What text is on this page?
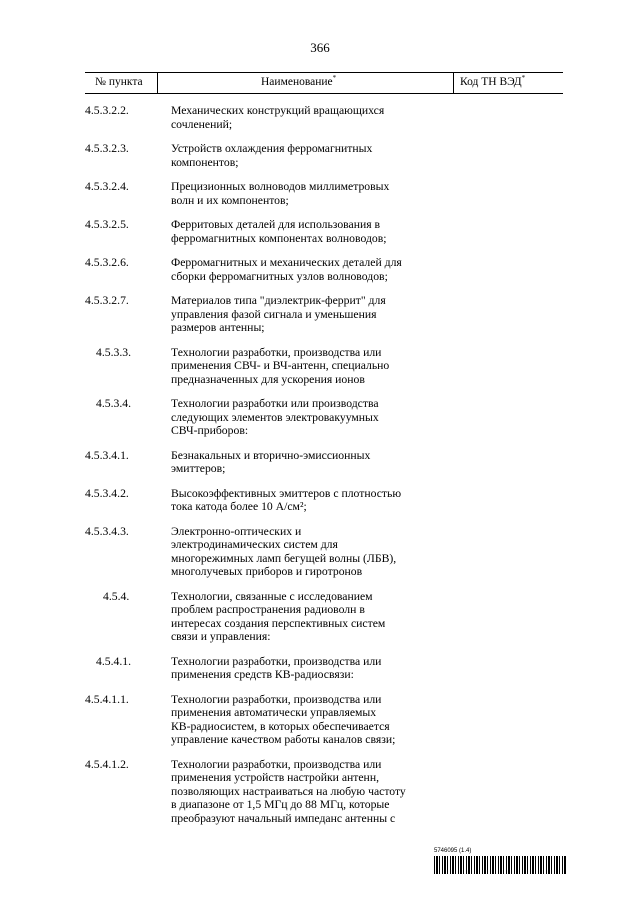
366
№ пункта	Наименование*	Код ТН ВЭД*
4.5.3.2.2.	Механических конструкций вращающихся
сочленений;
4.5.3.2.3.	Устройств охлаждения ферромагнитных
компонентов;
4.5.3.2.4.	Прецизионных волноводов миллиметровых
волн и их компонентов;
4.5.3.2.5.	Ферритовых деталей для использования в
ферромагнитных компонентах волноводов;
4.5.3.2.6.	Ферромагнитных и механических деталей для
сборки ферромагнитных узлов волноводов;
4.5.3.2.7.	Материалов типа "диэлектрик-феррит" для
управления фазой сигнала и уменьшения
размеров антенны;
4.5.3.3.	Технологии разработки, производства или
применения СВЧ- и ВЧ-антенн, специально
предназначенных для ускорения ионов
4.5.3.4.	Технологии разработки или производства
следующих элементов электровакуумных
СВЧ-приборов:
4.5.3.4.1.	Безнакальных и вторично-эмиссионных
эмиттеров;
4.5.3.4.2.	Высокоэффективных эмиттеров с плотностью
тока катода более 10 А/см²;
4.5.3.4.3.	Электронно-оптических и
электродинамических систем для
многорежимных ламп бегущей волны (ЛБВ),
многолучевых приборов и гиротронов
4.5.4.	Технологии, связанные с исследованием
проблем распространения радиоволн в
интересах создания перспективных систем
связи и управления:
4.5.4.1.	Технологии разработки, производства или
применения средств КВ-радиосвязи:
4.5.4.1.1.	Технологии разработки, производства или
применения автоматически управляемых
КВ-радиосистем, в которых обеспечивается
управление качеством работы каналов связи;
4.5.4.1.2.	Технологии разработки, производства или
применения устройств настройки антенн,
позволяющих настраиваться на любую частоту
в диапазоне от 1,5 МГц до 88 МГц, которые
преобразуют начальный импеданс антенны с
5746095 (1.4)
